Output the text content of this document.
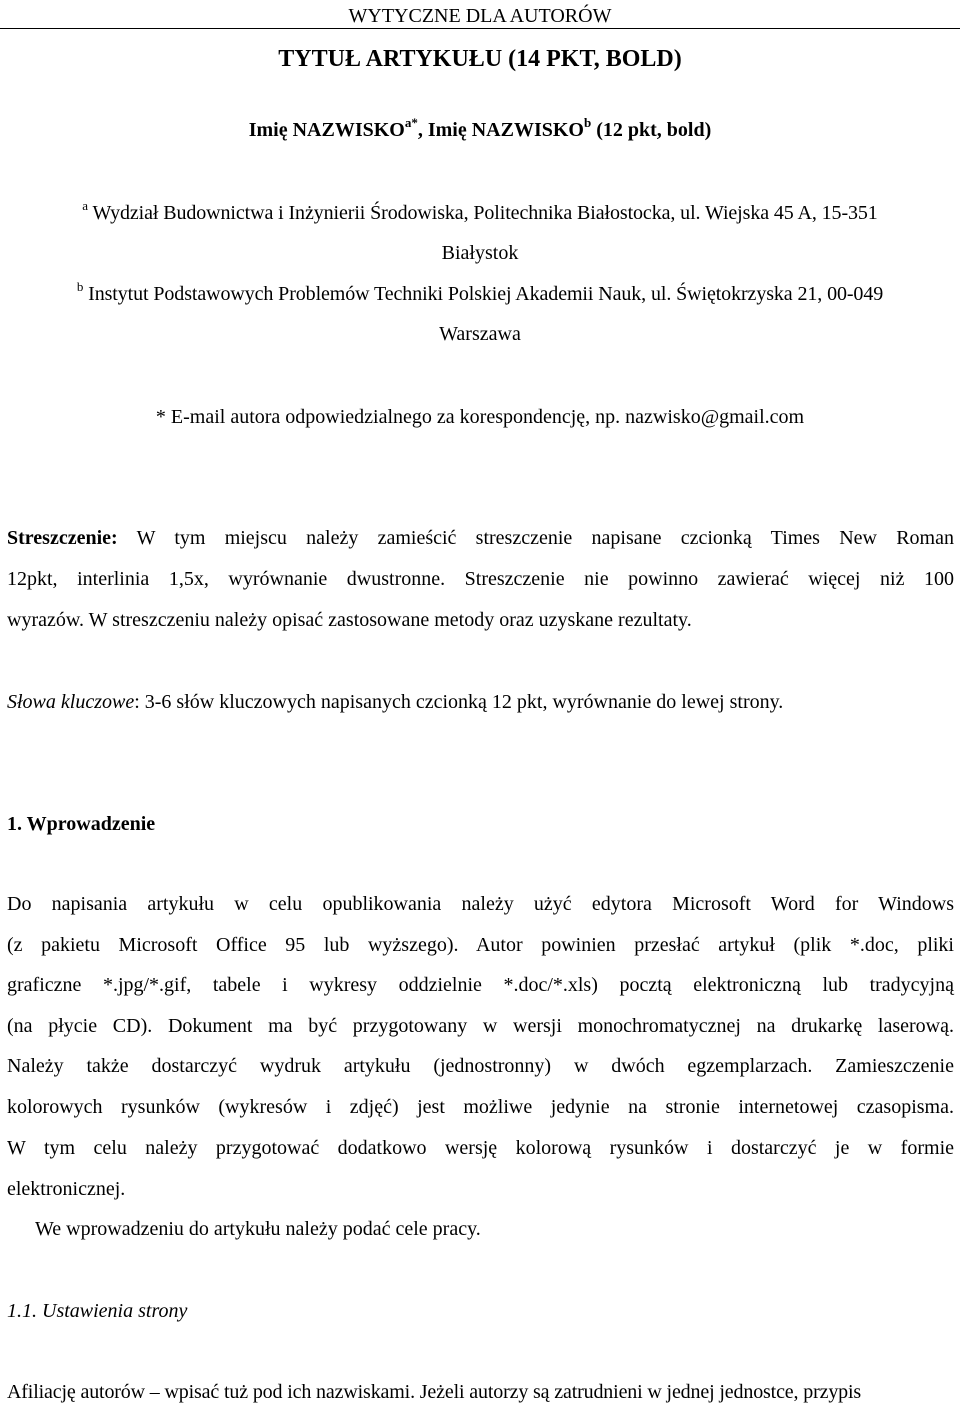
WYTYCZNE DLA AUTORÓW
TYTUŁ ARTYKUŁU (14 PKT, BOLD)
Imię $NAZWISKO^{a*}$, Imię NAZWISKO$^b$ (12 pkt, bold)
$^a$ Wydział Budownictwa i Inżynierii Środowiska, Politechnika Białostocka, ul. Wiejska 45 A, 15-351
Białystok
$^b$ Instytut Podstawowych Problemów Techniki Polskiej Akademii Nauk, ul. Świętokrzyska 21, 00-049
Warszawa
* E-mail autora odpowiedzialnego za korespondencję, np. nazwisko@gmail.com
Streszczenie: W tym miejscu należy zamieścić streszczenie napisane czcionką Times New Roman
12pkt, interlinia 1,5x, wyrównanie dwustronne. Streszczenie nie powinno zawierać więcej niż 100
wyrazów. W streszczeniu należy opisać zastosowane metody oraz uzyskane rezultaty.
Słowa kluczowe: 3-6 słów kluczowych napisanych czcionką 12 pkt, wyrównanie do lewej strony.
1. Wprowadzenie
Do napisania artykułu w celu opublikowania należy użyć edytora Microsoft Word for Windows
(z pakietu Microsoft Office 95 lub wyższego). Autor powinien przesłać artykuł (plik *.doc, pliki
graficzne *.jpg/*.gif, tabele i wykresy oddzielnie *.doc/*.xls) pocztą elektroniczną lub tradycyjną
(na płycie CD). Dokument ma być przygotowany w wersji monochromatycznej na drukarkę laserową.
Należy także dostarczyć wydruk artykułu (jednostronny) w dwóch egzemplarzach. Zamieszczenie
kolorowych rysunków (wykresów i zdjęć) jest możliwe jedynie na stronie internetowej czasopisma.
W tym celu należy przygotować dodatkowo wersję kolorową rysunków i dostarczyć je w formie
elektronicznej.
We wprowadzeniu do artykułu należy podać cele pracy.
1.1. Ustawienia strony
Afiliację autorów – wpisać tuż pod ich nazwiskami. Jeżeli autorzy są zatrudnieni w jednej jednostce, przypis
